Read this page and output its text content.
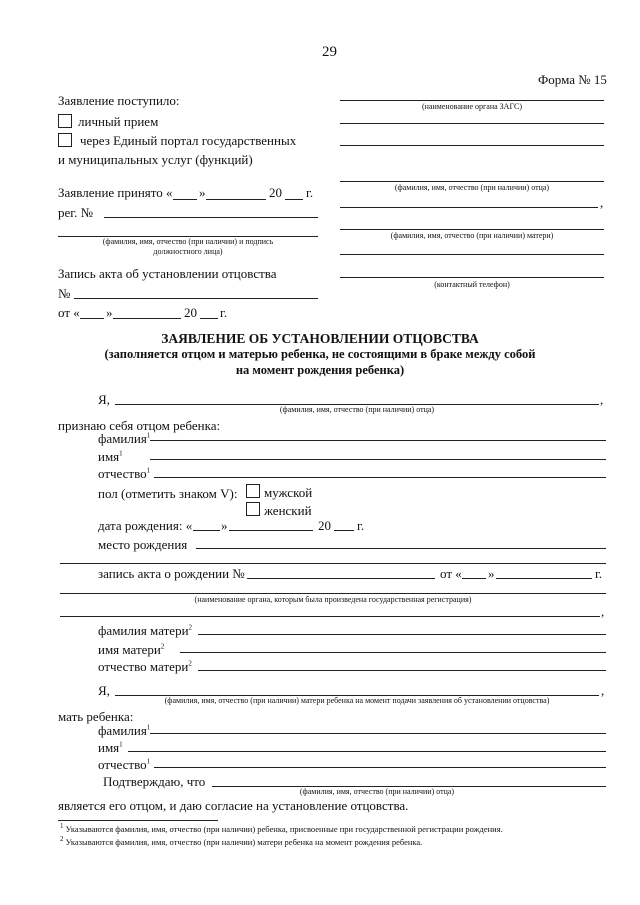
29
Форма № 15
Заявление поступило:
личный прием
через Единый портал государственных
и муниципальных услуг (функций)
Заявление принято « »	20 г.
рег. №
(фамилия, имя, отчество (при наличии) и подпись
должностного лица)
Запись акта об установлении отцовства
№
от « »	20 г.
(наименование органа ЗАГС)
(фамилия, имя, отчество (при наличии) отца)
,
(фамилия, имя, отчество (при наличии) матери)
(контактный телефон)
ЗАЯВЛЕНИЕ ОБ УСТАНОВЛЕНИИ ОТЦОВСТВА
(заполняется отцом и матерью ребенка, не состоящими в браке между собой
на момент рождения ребенка)
Я,	,
(фамилия, имя, отчество (при наличии) отца)
признаю себя отцом ребенка:
фамилия$^1$
имя$^1$
отчество$^1$
пол (отметить знаком V): мужской
женский
дата рождения: « »	20 г.
место рождения
запись акта о рождении №	от « »	г.
(наименование органа, которым была произведена государственная регистрация)
,
фамилия матери$^2$
имя матери$^2$
отчество матери$^2$
Я,	,
(фамилия, имя, отчество (при наличии) матери ребенка на момент подачи заявления об установлении отцовства)
мать ребенка:
фамилия$^1$
имя$^1$
отчество$^1$
Подтверждаю, что
(фамилия, имя, отчество (при наличии) отца)
является его отцом, и даю согласие на установление отцовства.
$^1$ Указываются фамилия, имя, отчество (при наличии) ребенка, присвоенные при государственной регистрации рождения.
$^2$ Указываются фамилия, имя, отчество (при наличии) матери ребенка на момент рождения ребенка.
